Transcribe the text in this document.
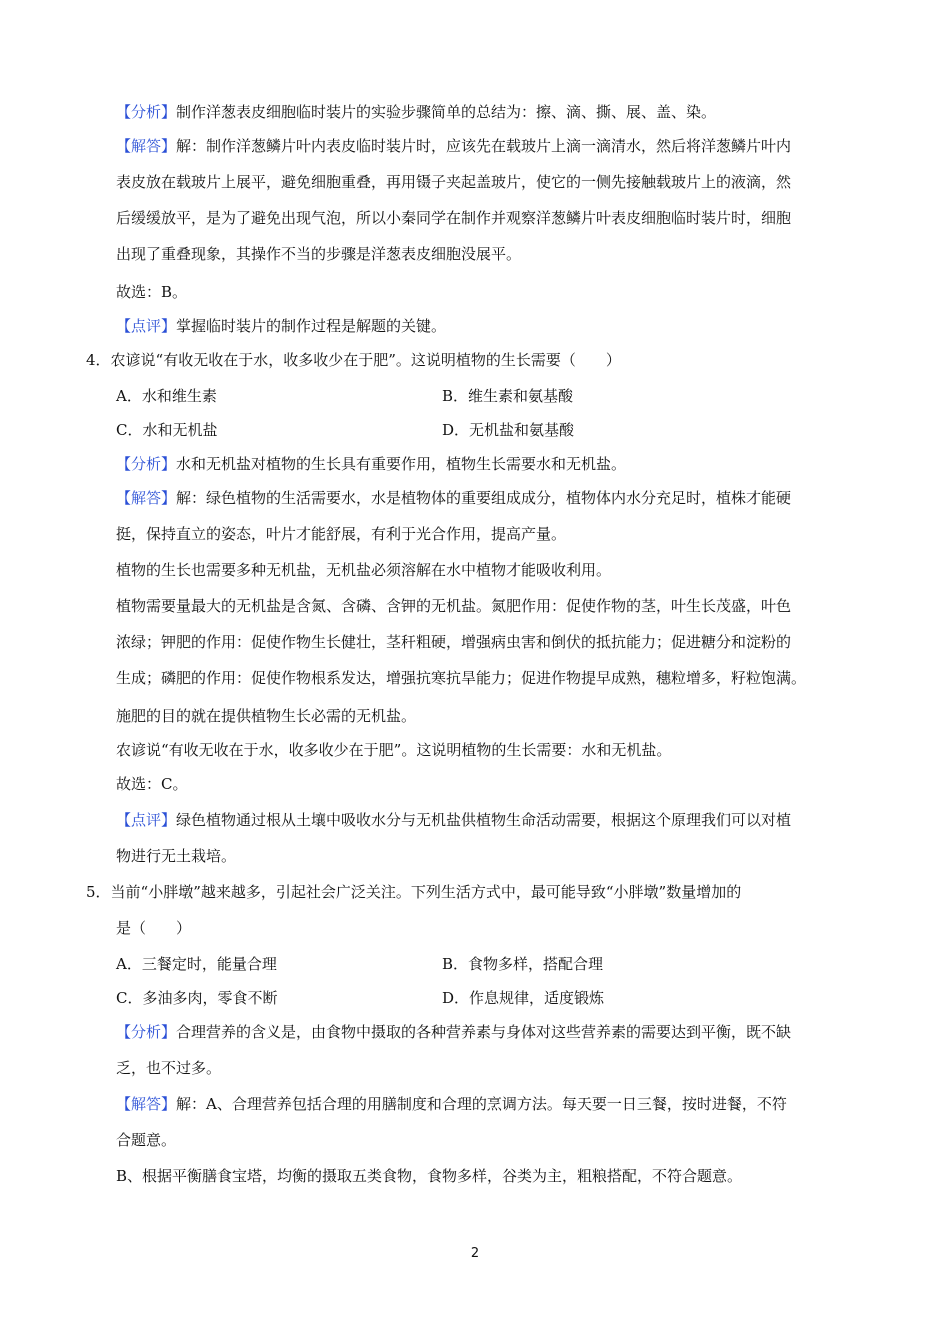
【分析】制作洋葱表皮细胞临时装片的实验步骤简单的总结为：擦、滴、撕、展、盖、染。
【解答】解：制作洋葱鳞片叶内表皮临时装片时，应该先在载玻片上滴一滴清水，然后将洋葱鳞片叶内
表皮放在载玻片上展平，避免细胞重叠，再用镊子夹起盖玻片，使它的一侧先接触载玻片上的液滴，然
后缓缓放平，是为了避免出现气泡，所以小秦同学在制作并观察洋葱鳞片叶表皮细胞临时装片时，细胞
出现了重叠现象，其操作不当的步骤是洋葱表皮细胞没展平。
故选：B。
【点评】掌握临时装片的制作过程是解题的关键。
4．农谚说“有收无收在于水，收多收少在于肥”。这说明植物的生长需要（　　）
A．水和维生素	B．维生素和氨基酸
C．水和无机盐	D．无机盐和氨基酸
【分析】水和无机盐对植物的生长具有重要作用，植物生长需要水和无机盐。
【解答】解：绿色植物的生活需要水，水是植物体的重要组成成分，植物体内水分充足时，植株才能硬
挺，保持直立的姿态，叶片才能舒展，有利于光合作用，提高产量。
植物的生长也需要多种无机盐，无机盐必须溶解在水中植物才能吸收利用。
植物需要量最大的无机盐是含氮、含磷、含钾的无机盐。氮肥作用：促使作物的茎，叶生长茂盛，叶色
浓绿；钾肥的作用：促使作物生长健壮，茎秆粗硬，增强病虫害和倒伏的抵抗能力；促进糖分和淀粉的
生成；磷肥的作用：促使作物根系发达，增强抗寒抗旱能力；促进作物提早成熟，穗粒增多，籽粒饱满。
施肥的目的就在提供植物生长必需的无机盐。
农谚说“有收无收在于水，收多收少在于肥”。这说明植物的生长需要：水和无机盐。
故选：C。
【点评】绿色植物通过根从土壤中吸收水分与无机盐供植物生命活动需要，根据这个原理我们可以对植
物进行无土栽培。
5．当前“小胖墩”越来越多，引起社会广泛关注。下列生活方式中，最可能导致“小胖墩”数量增加的
是（　　）
A．三餐定时，能量合理	B．食物多样，搭配合理
C．多油多肉，零食不断	D．作息规律，适度锻炼
【分析】合理营养的含义是，由食物中摄取的各种营养素与身体对这些营养素的需要达到平衡，既不缺
乏，也不过多。
【解答】解：A、合理营养包括合理的用膳制度和合理的烹调方法。每天要一日三餐，按时进餐，不符
合题意。
B、根据平衡膳食宝塔，均衡的摄取五类食物，食物多样，谷类为主，粗粮搭配，不符合题意。
2
